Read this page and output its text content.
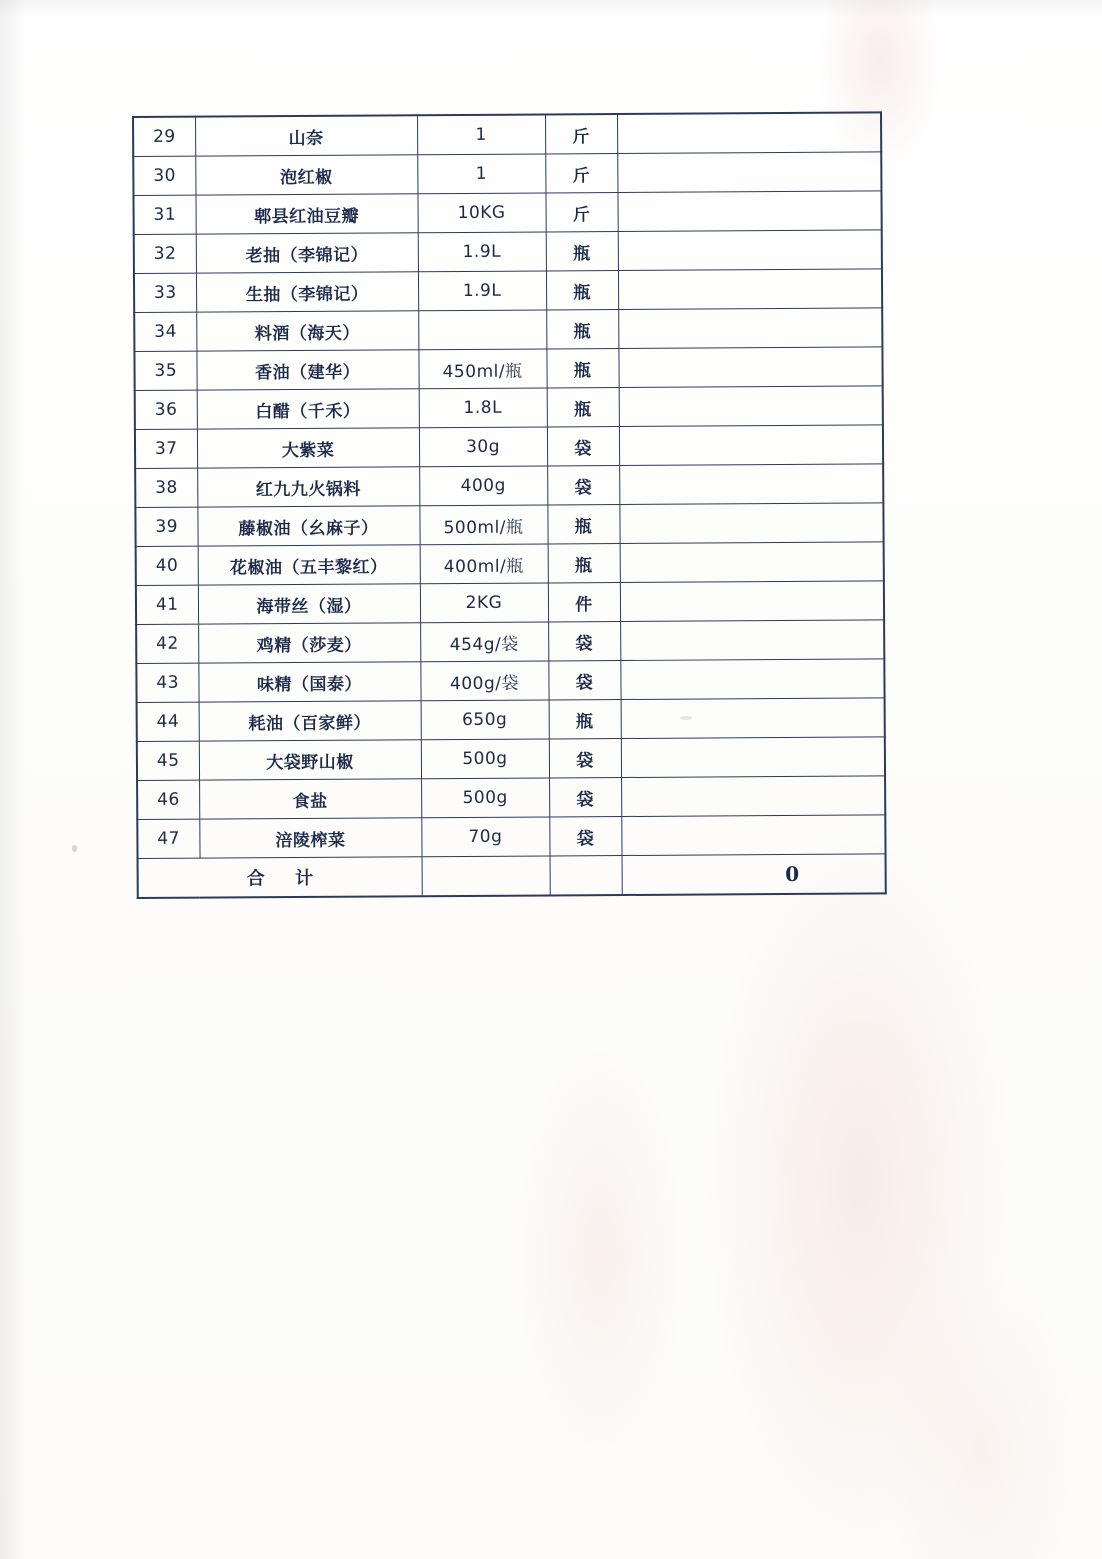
29	山奈	1	斤	
30	泡红椒	1	斤	
31	郫县红油豆瓣	10KG	斤	
32	老抽（李锦记）	1.9L	瓶	
33	生抽（李锦记）	1.9L	瓶	
34	料酒（海天）		瓶	
35	香油（建华）	450ml/瓶	瓶	
36	白醋（千禾）	1.8L	瓶	
37	大紫菜	30g	袋	
38	红九九火锅料	400g	袋	
39	藤椒油（幺麻子）	500ml/瓶	瓶	
40	花椒油（五丰黎红）	400ml/瓶	瓶	
41	海带丝（湿）	2KG	件	
42	鸡精（莎麦）	454g/袋	袋	
43	味精（国泰）	400g/袋	袋	
44	耗油（百家鲜）	650g	瓶	
45	大袋野山椒	500g	袋	
46	食盐	500g	袋	
47	涪陵榨菜	70g	袋	
合 计				0
